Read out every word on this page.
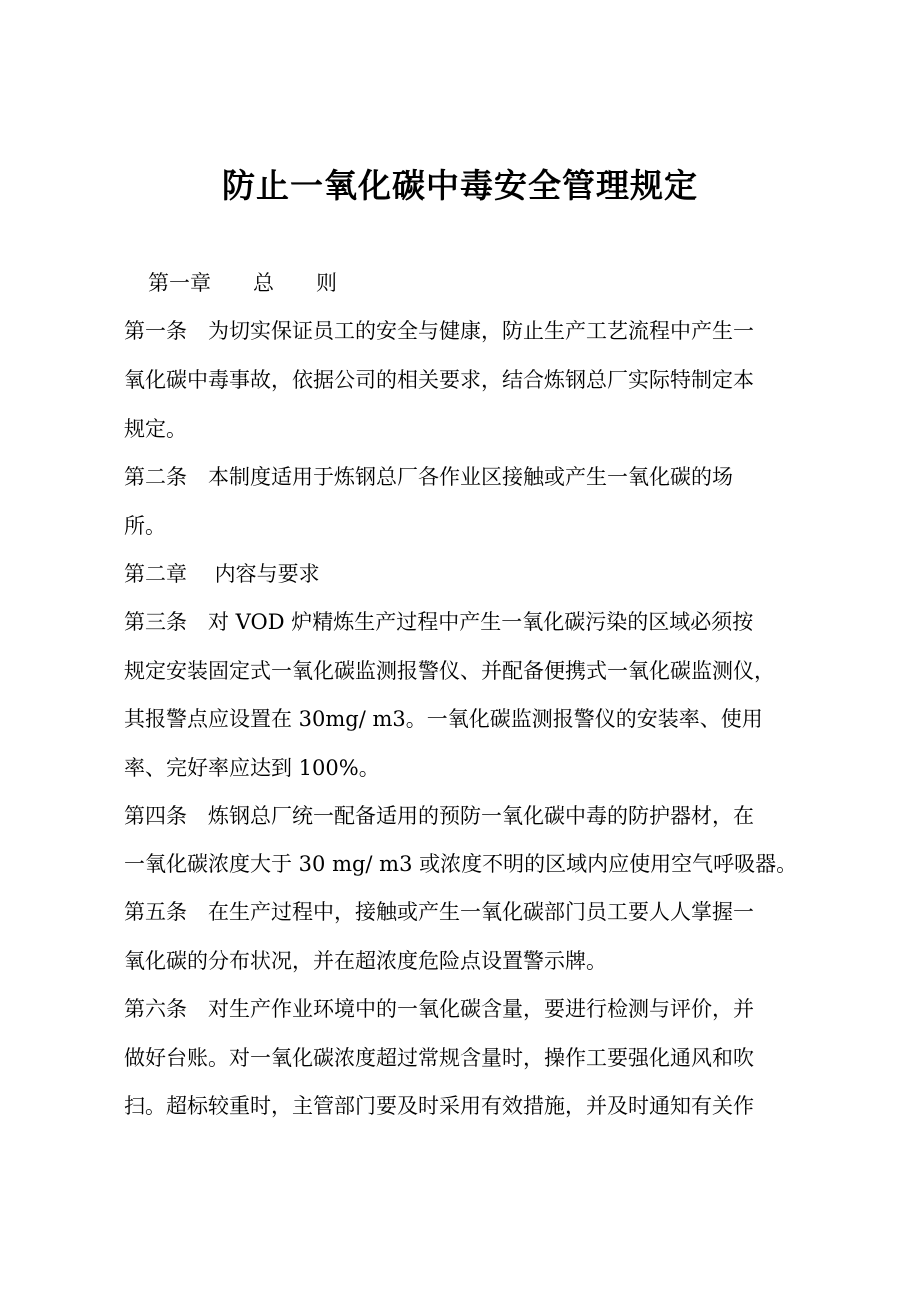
防止一氧化碳中毒安全管理规定
第一章 总 则
第一条　为切实保证员工的安全与健康，防止生产工艺流程中产生一
氧化碳中毒事故，依据公司的相关要求，结合炼钢总厂实际特制定本
规定。
第二条　本制度适用于炼钢总厂各作业区接触或产生一氧化碳的场
所。
第二章　 内容与要求
第三条　对 VOD 炉精炼生产过程中产生一氧化碳污染的区域必须按
规定安装固定式一氧化碳监测报警仪、并配备便携式一氧化碳监测仪，
其报警点应设置在 30mg/ m3。一氧化碳监测报警仪的安装率、使用
率、完好率应达到 100%。
第四条　炼钢总厂统一配备适用的预防一氧化碳中毒的防护器材，在
一氧化碳浓度大于 30 mg/ m3 或浓度不明的区域内应使用空气呼吸器。
第五条　在生产过程中，接触或产生一氧化碳部门员工要人人掌握一
氧化碳的分布状况，并在超浓度危险点设置警示牌。
第六条　对生产作业环境中的一氧化碳含量，要进行检测与评价，并
做好台账。对一氧化碳浓度超过常规含量时，操作工要强化通风和吹
扫。超标较重时，主管部门要及时采用有效措施，并及时通知有关作
